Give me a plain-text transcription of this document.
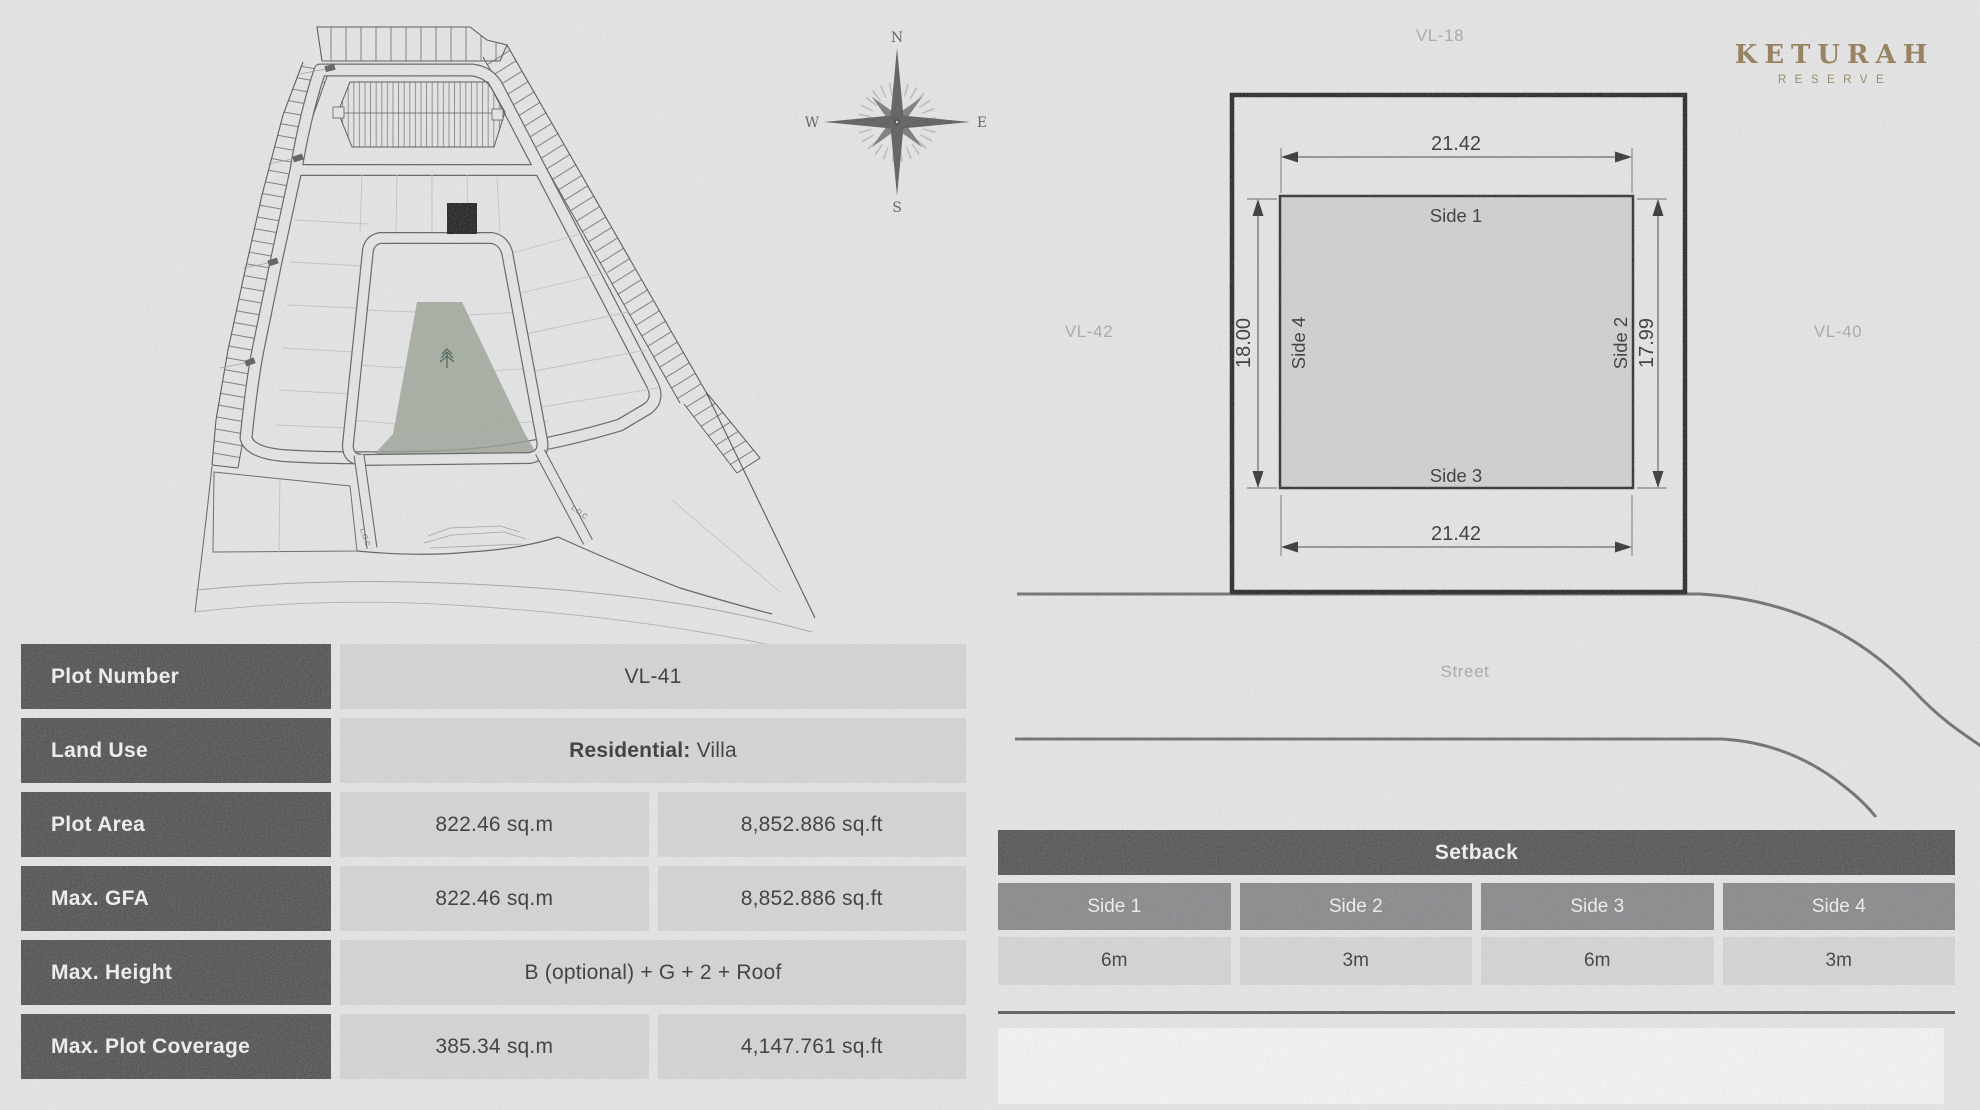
L.O.C
L.O.C
N
S
W	E
VL-18
VL-42	VL-40
Street
KETURAH
RESERVE
21.42
21.42
18.00	17.99
Side 1
Side 3
Side 4	Side 2
Plot Number	VL-41
Land Use	Residential: Villa
Plot Area	822.46 sq.m	8,852.886 sq.ft
Max. GFA	822.46 sq.m	8,852.886 sq.ft
Max. Height	B (optional) + G + 2 + Roof
Max. Plot Coverage	385.34 sq.m	4,147.761 sq.ft
Setback
Side 1	Side 2	Side 3	Side 4
6m	3m	6m	3m
